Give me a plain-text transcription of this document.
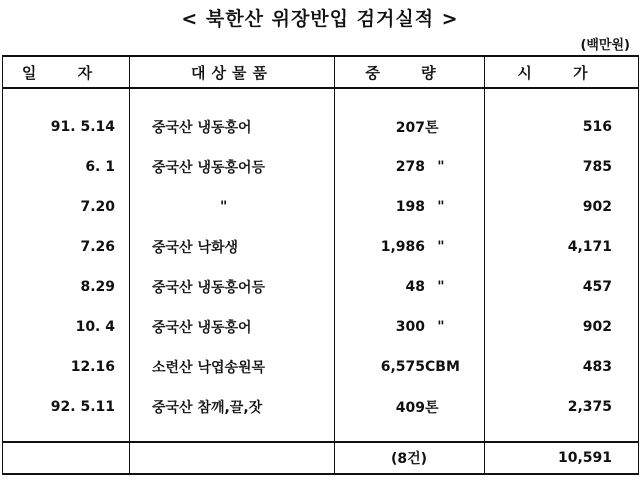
< 북한산 위장반입 검거실적 >
(백만원)
일 자	대상물품	중 량	시 가

91. 5.14	중국산 냉동홍어	207톤	516
6. 1	중국산 냉동홍어등	278 "	785
7.20	"	198 "	902
7.26	중국산 낙화생	1,986 "	4,171
8.29	중국산 냉동홍어등	48 "	457
10. 4	중국산 냉동홍어	300 "	902
12.16	소련산 낙엽송원목	6,575CBM	483
92. 5.11	중국산 참깨,끌,잣	409톤	2,375
		(8건)	10,591
